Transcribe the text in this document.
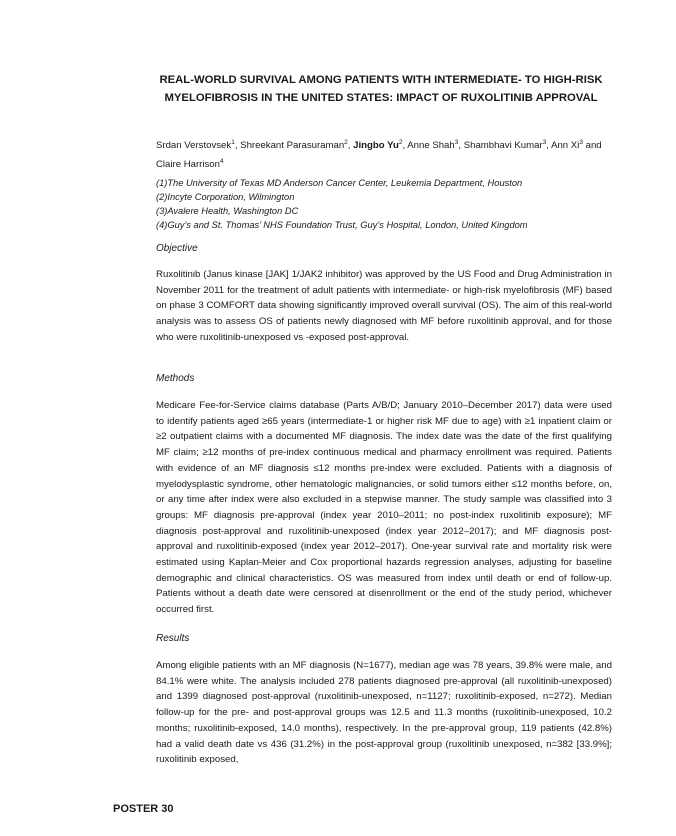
REAL-WORLD SURVIVAL AMONG PATIENTS WITH INTERMEDIATE- TO HIGH-RISK MYELOFIBROSIS IN THE UNITED STATES: IMPACT OF RUXOLITINIB APPROVAL
Srdan Verstovsek$^1$, Shreekant Parasuraman$^2$, Jingbo Yu$^2$, Anne Shah$^3$, Shambhavi Kumar$^3$, Ann Xi$^3$ and Claire Harrison$^4$
(1)The University of Texas MD Anderson Cancer Center, Leukemia Department, Houston
(2)Incyte Corporation, Wilmington
(3)Avalere Health, Washington DC
(4)Guy’s and St. Thomas’ NHS Foundation Trust, Guy’s Hospital, London, United Kingdom
Objective
Ruxolitinib (Janus kinase [JAK] 1/JAK2 inhibitor) was approved by the US Food and Drug Administration in November 2011 for the treatment of adult patients with intermediate- or high-risk myelofibrosis (MF) based on phase 3 COMFORT data showing significantly improved overall survival (OS). The aim of this real-world analysis was to assess OS of patients newly diagnosed with MF before ruxolitinib approval, and for those who were ruxolitinib-unexposed vs -exposed post-approval.
Methods
Medicare Fee-for-Service claims database (Parts A/B/D; January 2010–December 2017) data were used to identify patients aged ≥65 years (intermediate-1 or higher risk MF due to age) with ≥1 inpatient claim or ≥2 outpatient claims with a documented MF diagnosis. The index date was the date of the first qualifying MF claim; ≥12 months of pre-index continuous medical and pharmacy enrollment was required. Patients with evidence of an MF diagnosis ≤12 months pre-index were excluded. Patients with a diagnosis of myelodysplastic syndrome, other hematologic malignancies, or solid tumors either ≤12 months before, on, or any time after index were also excluded in a stepwise manner. The study sample was classified into 3 groups: MF diagnosis pre-approval (index year 2010–2011; no post-index ruxolitinib exposure); MF diagnosis post-approval and ruxolitinib-unexposed (index year 2012–2017); and MF diagnosis post-approval and ruxolitinib-exposed (index year 2012–2017). One-year survival rate and mortality risk were estimated using Kaplan-Meier and Cox proportional hazards regression analyses, adjusting for baseline demographic and clinical characteristics. OS was measured from index until death or end of follow-up. Patients without a death date were censored at disenrollment or the end of the study period, whichever occurred first.
Results
Among eligible patients with an MF diagnosis (N=1677), median age was 78 years, 39.8% were male, and 84.1% were white. The analysis included 278 patients diagnosed pre-approval (all ruxolitinib-unexposed) and 1399 diagnosed post-approval (ruxolitinib-unexposed, n=1127; ruxolitinib-exposed, n=272). Median follow-up for the pre- and post-approval groups was 12.5 and 11.3 months (ruxolitinib-unexposed, 10.2 months; ruxolitinib-exposed, 14.0 months), respectively. In the pre-approval group, 119 patients (42.8%) had a valid death date vs 436 (31.2%) in the post-approval group (ruxolitinib unexposed, n=382 [33.9%]; ruxolitinib exposed,
POSTER 30
